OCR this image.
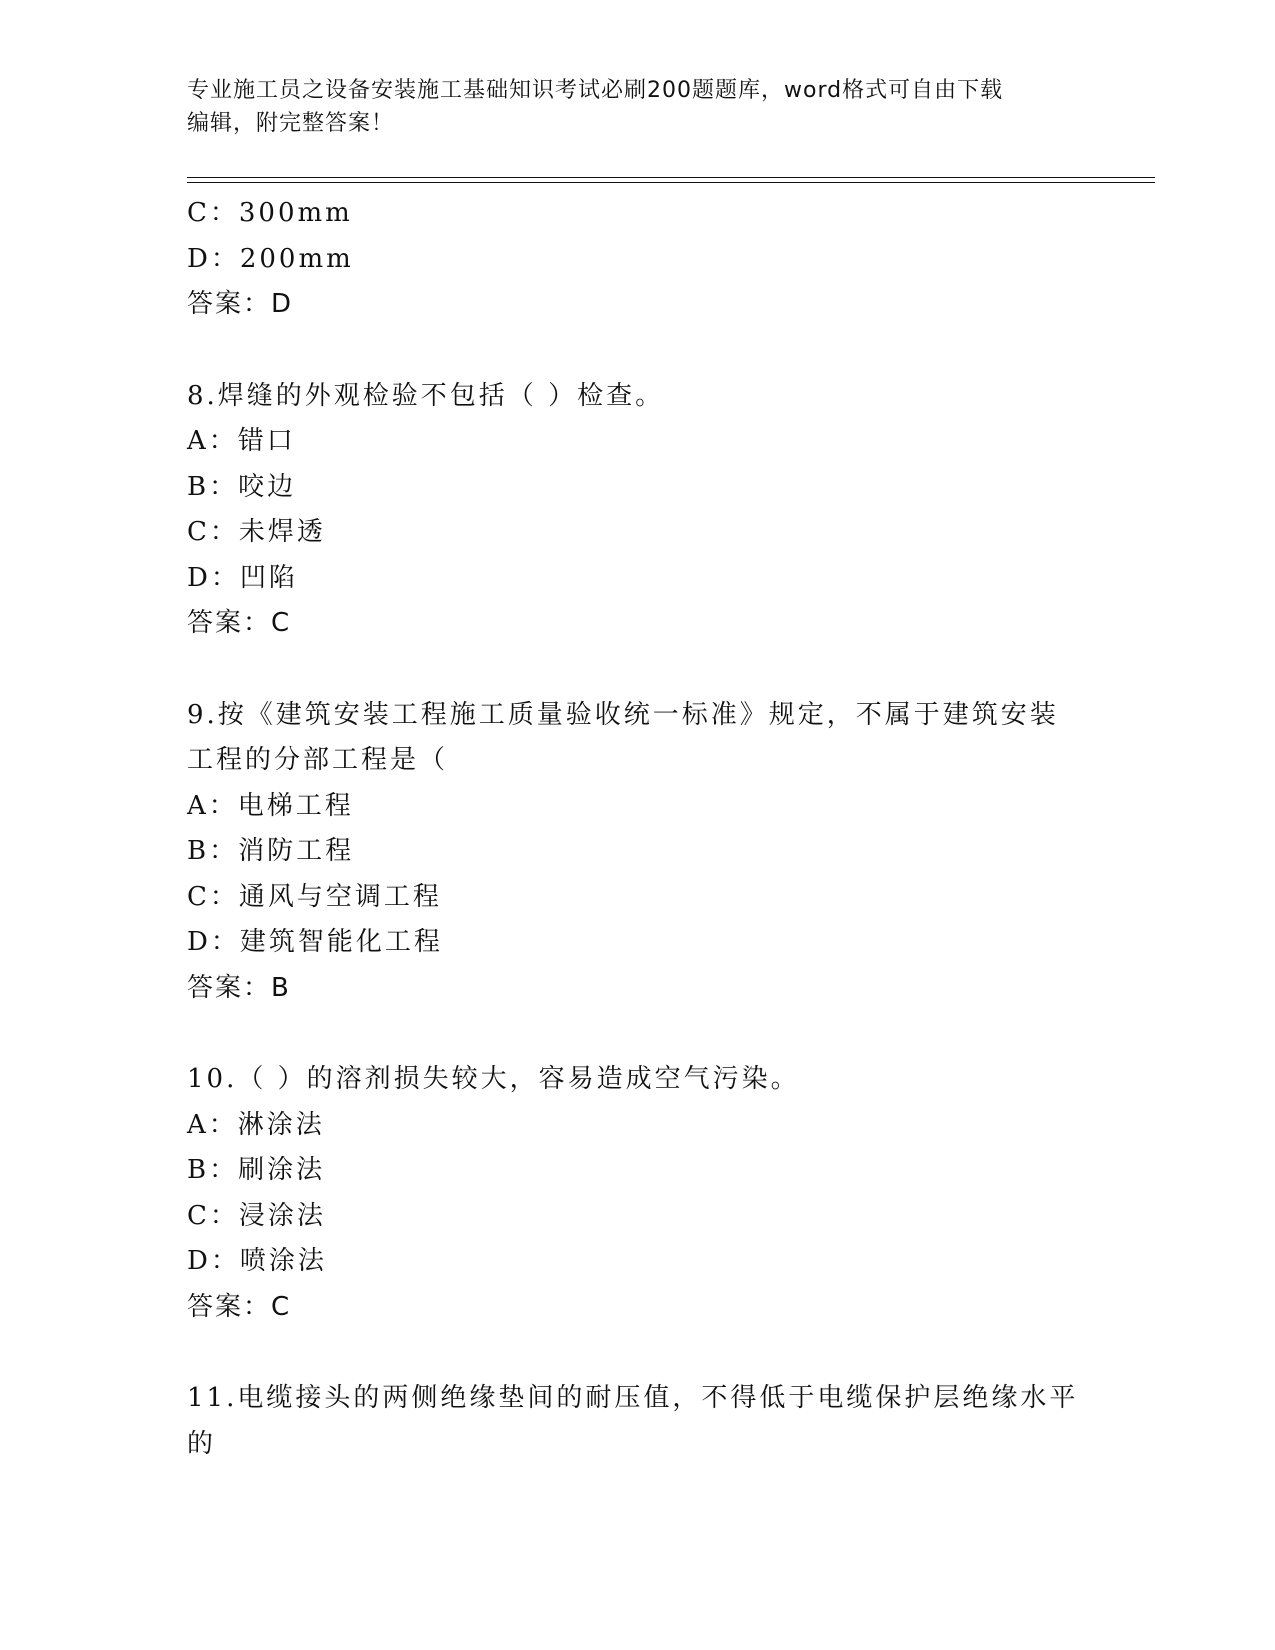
专业施工员之设备安装施工基础知识考试必刷200题题库，word格式可自由下载
编辑，附完整答案！
C：300mm
D：200mm
答案：D
8.焊缝的外观检验不包括（ ）检查。
A：错口
B：咬边
C：未焊透
D：凹陷
答案：C
9.按《建筑安装工程施工质量验收统一标准》规定，不属于建筑安装
工程的分部工程是（
A：电梯工程
B：消防工程
C：通风与空调工程
D：建筑智能化工程
答案：B
10.（ ）的溶剂损失较大，容易造成空气污染。
A：淋涂法
B：刷涂法
C：浸涂法
D：喷涂法
答案：C
11.电缆接头的两侧绝缘垫间的耐压值，不得低于电缆保护层绝缘水平
的
